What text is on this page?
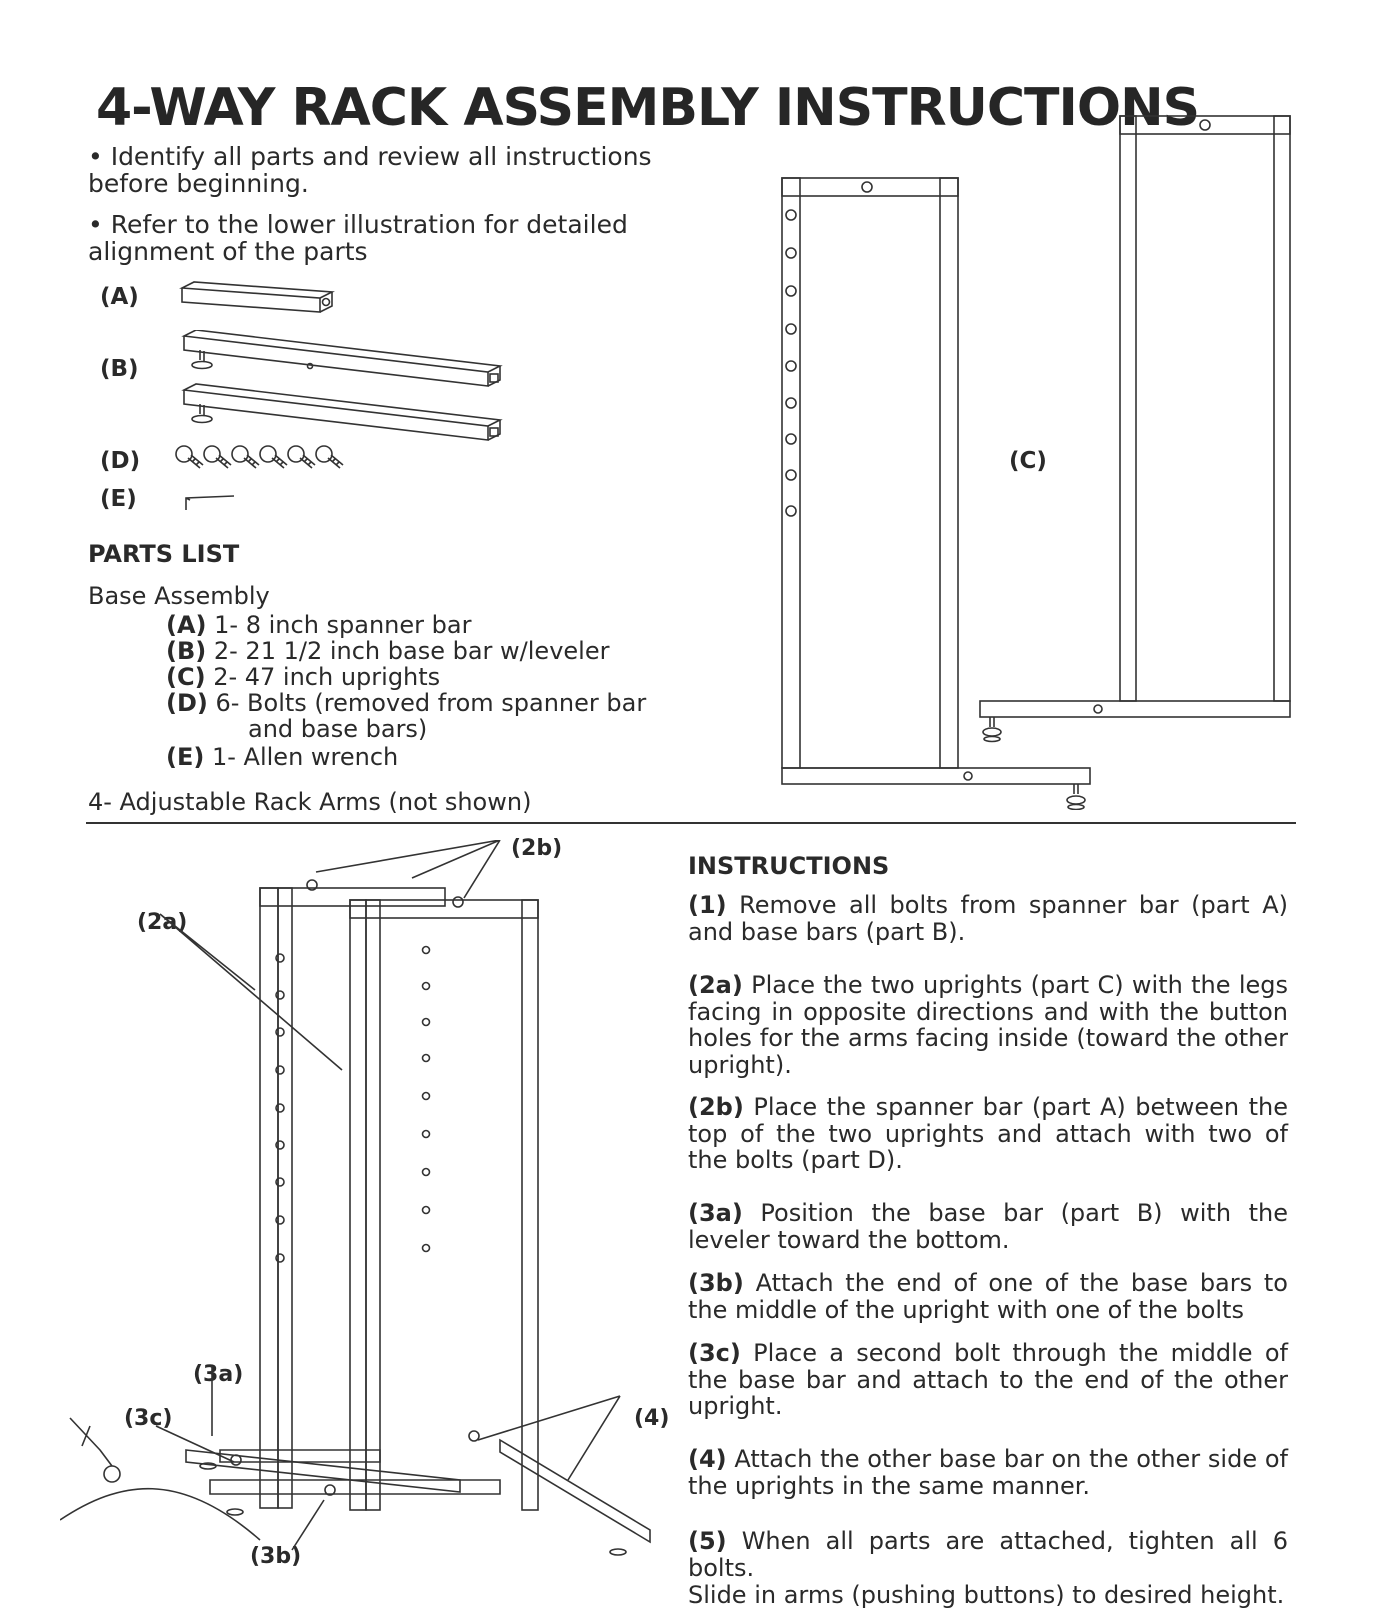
4-WAY RACK ASSEMBLY INSTRUCTIONS
• Identify all parts and review all instructions before beginning.
• Refer to the lower illustration for detailed alignment of the parts
(A)
(B)
(D)
(E)
(C)
PARTS LIST
Base Assembly
(A) 1- 8 inch spanner bar
(B) 2- 21 1/2 inch base bar w/leveler
(C) 2- 47 inch uprights
(D) 6- Bolts (removed from spanner bar
and base bars)
(E) 1- Allen wrench
4- Adjustable Rack Arms (not shown)
(2a)
(2b)
(3a)
(3c)
(3b)
(4)
INSTRUCTIONS
(1) Remove all bolts from spanner bar (part A) and base bars (part B).
(2a) Place the two uprights (part C) with the legs facing in opposite directions and with the button holes for the arms facing inside (toward the other upright).
(2b) Place the spanner bar (part A) between the top of the two uprights and attach with two of the bolts (part D).
(3a) Position the base bar (part B) with the leveler toward the bottom.
(3b) Attach the end of one of the base bars to the middle of the upright with one of the bolts
(3c) Place a second bolt through the middle of the base bar and attach to the end of the other upright.
(4) Attach the other base bar on the other side of the uprights in the same manner.
(5) When all parts are attached, tighten all 6 bolts.
Slide in arms (pushing buttons) to desired height.
